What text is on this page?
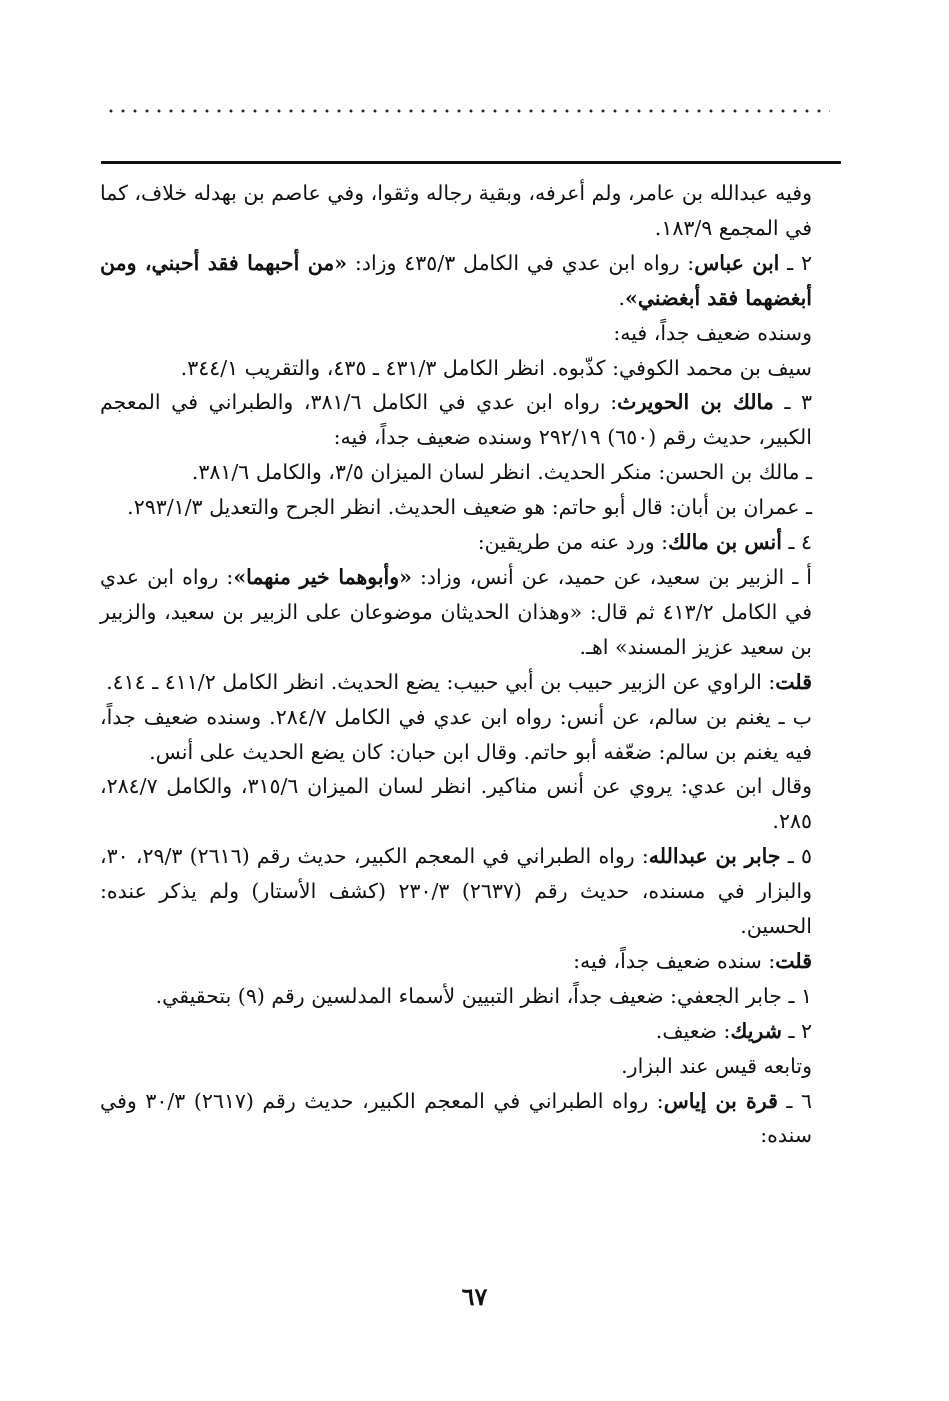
وفيه عبدالله بن عامر، ولم أعرفه، وبقية رجاله وثقوا، وفي عاصم بن بهدله خلاف، كما في المجمع ١٨٣/٩.

٢ ـ ابن عباس: رواه ابن عدي في الكامل ٤٣٥/٣ وزاد: «من أحبهما فقد أحبني، ومن أبغضهما فقد أبغضني».

وسنده ضعيف جداً، فيه:

سيف بن محمد الكوفي: كذّبوه. انظر الكامل ٤٣١/٣ ـ ٤٣٥، والتقريب ٣٤٤/١.

٣ ـ مالك بن الحويرث: رواه ابن عدي في الكامل ٣٨١/٦، والطبراني في المعجم الكبير، حديث رقم (٦٥٠) ٢٩٢/١٩ وسنده ضعيف جداً، فيه:

ـ مالك بن الحسن: منكر الحديث. انظر لسان الميزان ٣/٥، والكامل ٣٨١/٦.

ـ عمران بن أبان: قال أبو حاتم: هو ضعيف الحديث. انظر الجرح والتعديل ٢٩٣/١/٣.

٤ ـ أنس بن مالك: ورد عنه من طريقين:

أ ـ الزبير بن سعيد، عن حميد، عن أنس، وزاد: «وأبوهما خير منهما»: رواه ابن عدي في الكامل ٤١٣/٢ ثم قال: «وهذان الحديثان موضوعان على الزبير بن سعيد، والزبير بن سعيد عزيز المسند» اهـ.

قلت: الراوي عن الزبير حبيب بن أبي حبيب: يضع الحديث. انظر الكامل ٤١١/٢ ـ ٤١٤.

ب ـ يغنم بن سالم، عن أنس: رواه ابن عدي في الكامل ٢٨٤/٧. وسنده ضعيف جداً، فيه يغنم بن سالم: ضعّفه أبو حاتم. وقال ابن حبان: كان يضع الحديث على أنس.

وقال ابن عدي: يروي عن أنس مناكير. انظر لسان الميزان ٣١٥/٦، والكامل ٢٨٤/٧، ٢٨٥.

٥ ـ جابر بن عبدالله: رواه الطبراني في المعجم الكبير، حديث رقم (٢٦١٦) ٢٩/٣، ٣٠، والبزار في مسنده، حديث رقم (٢٦٣٧) ٢٣٠/٣ (كشف الأستار) ولم يذكر عنده: الحسين.

قلت: سنده ضعيف جداً، فيه:

١ ـ جابر الجعفي: ضعيف جداً، انظر التبيين لأسماء المدلسين رقم (٩) بتحقيقي.

٢ ـ شريك: ضعيف.

وتابعه قيس عند البزار.

٦ ـ قرة بن إياس: رواه الطبراني في المعجم الكبير، حديث رقم (٢٦١٧) ٣٠/٣ وفي سنده:

٦٧
